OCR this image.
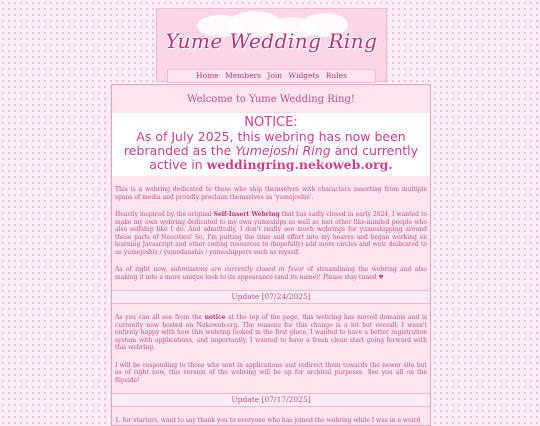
Yume Wedding Ring
Home Members Join Widgets Rules
Welcome to Yume Wedding Ring!
NOTICE:
As of July 2025, this webring has now been rebranded as the Yumejoshi Ring and currently active in weddingring.nekoweb.org.

This is a webring dedicated to those who ship themselves with characters assorting from multiple spans of media and proudly proclaim themselves as 'yumejoshis'.

Heavily inspired by the original Self-Insert Webring that has sadly closed in early 2024, I wanted to make my own webring dedicated to my own yumeships as well as met other like-minded people who also selfship like I do. And admittedly, I don't really see much webrings for yumeshipping around these parts of Neocities! So, I'm putting the time and effort into my heaves and began working on learning Javascript and other coding resources to (hopefully) add more circles and welc dedicated to us yumejoshis / yumedanshis / yumeshippers such as myself.

As of right now, submissions are currently closed in favor of streamlining the webring and also making it into a more unique look to its appearance (and its name)! Please stay tuned ♥

Update [07/24/2025]

As you can all see from the notice at the top of the page, this webring has moved domains and is currently now hosted on Nekoweb.org. The reasons for this change is a lot but overall: I wasn't entirely happy with how this webring looked in the first place, I wanted to have a better registration system with applications, and importantly, I wanted to have a fresh clean start going forward with this webring.

I will be responding to those who sent in applications and redirect them towards the newer site but as of right now, this version of the webring will be up for archival purposes. See you all on the flipside!

Update [07/17/2025]

1. for starters, want to say thank you to everyone who has joined the webring while I was in a weird
